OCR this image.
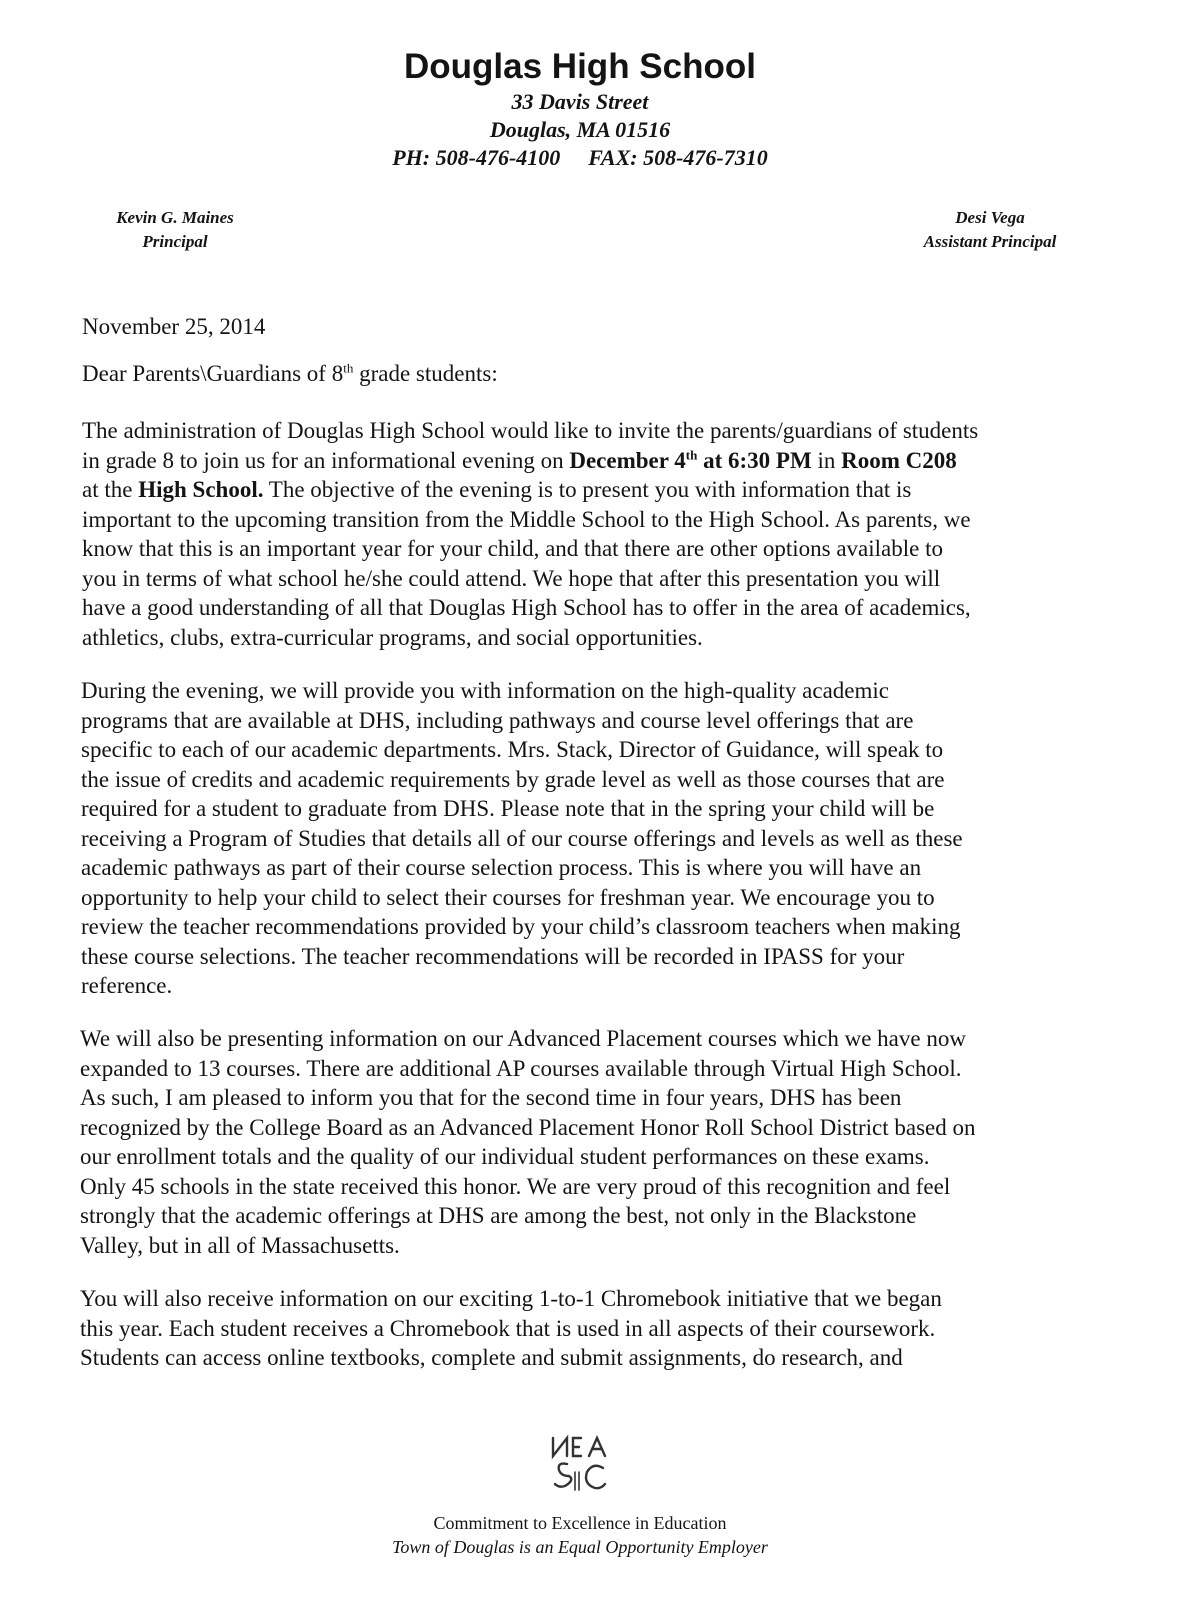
Douglas High School
33 Davis Street
Douglas, MA 01516
PH: 508-476-4100 FAX: 508-476-7310
Kevin G. Maines
Principal
Desi Vega
Assistant Principal
November 25, 2014
Dear Parents\Guardians of 8th grade students:

The administration of Douglas High School would like to invite the parents/guardians of students

in grade 8 to join us for an informational evening on December 4th at 6:30 PM in Room C208

at the High School. The objective of the evening is to present you with information that is

important to the upcoming transition from the Middle School to the High School. As parents, we

know that this is an important year for your child, and that there are other options available to

you in terms of what school he/she could attend. We hope that after this presentation you will

have a good understanding of all that Douglas High School has to offer in the area of academics,

athletics, clubs, extra-curricular programs, and social opportunities.

During the evening, we will provide you with information on the high-quality academic

programs that are available at DHS, including pathways and course level offerings that are

specific to each of our academic departments. Mrs. Stack, Director of Guidance, will speak to

the issue of credits and academic requirements by grade level as well as those courses that are

required for a student to graduate from DHS. Please note that in the spring your child will be

receiving a Program of Studies that details all of our course offerings and levels as well as these

academic pathways as part of their course selection process. This is where you will have an

opportunity to help your child to select their courses for freshman year. We encourage you to

review the teacher recommendations provided by your child’s classroom teachers when making

these course selections. The teacher recommendations will be recorded in IPASS for your

reference.

We will also be presenting information on our Advanced Placement courses which we have now

expanded to 13 courses. There are additional AP courses available through Virtual High School.

As such, I am pleased to inform you that for the second time in four years, DHS has been

recognized by the College Board as an Advanced Placement Honor Roll School District based on

our enrollment totals and the quality of our individual student performances on these exams.

Only 45 schools in the state received this honor. We are very proud of this recognition and feel

strongly that the academic offerings at DHS are among the best, not only in the Blackstone

Valley, but in all of Massachusetts.

You will also receive information on our exciting 1-to-1 Chromebook initiative that we began

this year. Each student receives a Chromebook that is used in all aspects of their coursework.

Students can access online textbooks, complete and submit assignments, do research, and

Commitment to Excellence in Education
Town of Douglas is an Equal Opportunity Employer
